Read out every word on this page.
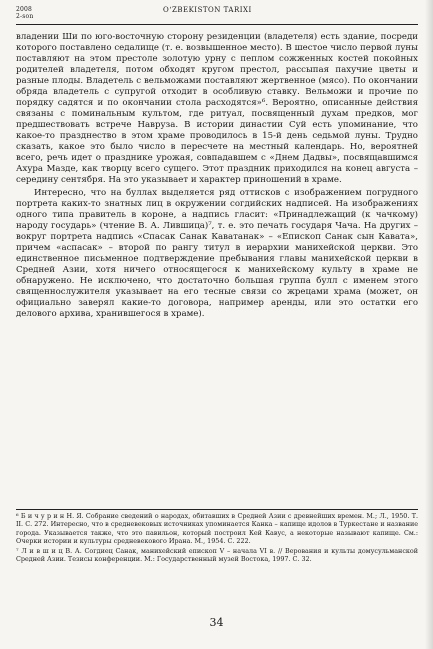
2008
2-son
O‘ZBEKISTON TARIXI

владении Ши по юго-восточную сторону резиденции (владетеля) есть здание, посреди которого поставлено седалище (т. е. возвышенное место). В шестое число первой луны поставляют на этом престоле золотую урну с пеплом сожженных костей покойных родителей владетеля, потом обходят кругом престол, рассыпая пахучие цветы и разные плоды. Владетель с вельможами поставляют жертвенное (мясо). По окончании обряда владетель с супругой отходит в особливую ставку. Вельможи и прочие по порядку садятся и по окончании стола расходятся»⁶. Вероятно, описанные действия связаны с поминальным культом, где ритуал, посвященный духам предков, мог предшествовать встрече Навруза. В истории династии Суй есть упоминание, что какое-то празднество в этом храме проводилось в 15-й день седьмой луны. Трудно сказать, какое это было число в пересчете на местный календарь. Но, вероятней всего, речь идет о празднике урожая, совпадавшем с «Днем Дадвы», посвящавшимся Ахура Мазде, как творцу всего сущего. Этот праздник приходился на конец августа – середину сентября. На это указывает и характер приношений в храме.

Интересно, что на буллах выделяется ряд оттисков с изображением погрудного портрета каких-то знатных лиц в окружении согдийских надписей. На изображениях одного типа правитель в короне, а надпись гласит: «Принадлежащий (к чачкому) народу государь» (чтение В. А. Лившица)⁷, т. е. это печать государя Чача. На других – вокруг портрета надпись «Спасак Санак Каватанак» – «Епископ Санак сын Кавата», причем «аспасак» – второй по рангу титул в иерархии манихейской церкви. Это единственное письменное подтверждение пребывания главы манихейской церкви в Средней Азии, хотя ничего относящегося к манихейскому культу в храме не обнаружено. Не исключено, что достаточно большая группа булл с именем этого священнослужителя указывает на его тесные связи со жрецами храма (может, он официально заверял какие-то договора, например аренды, или это остатки его делового архива, хранившегося в храме).

⁶ Б и ч у р и н Н. Я. Собрание сведений о народах, обитавших в Средней Азии с древнейших времен. М.; Л., 1950. Т. II. С. 272. Интересно, что в средневековых источниках упоминается Канка – капище идолов в Туркестане и название города. Указывается также, что это павильон, который построил Кей Кавус, а некоторые называют капище. См.: Очерки истории и культуры средневекового Ирана. М., 1954. С. 222.

⁷ Л и в ш и ц В. А. Согдиец Санак, манихейский епископ V – начала VI в. // Верования и культы домусульманской Средней Азии. Тезисы конференции. М.: Государственный музей Востока, 1997. С. 32.

34
